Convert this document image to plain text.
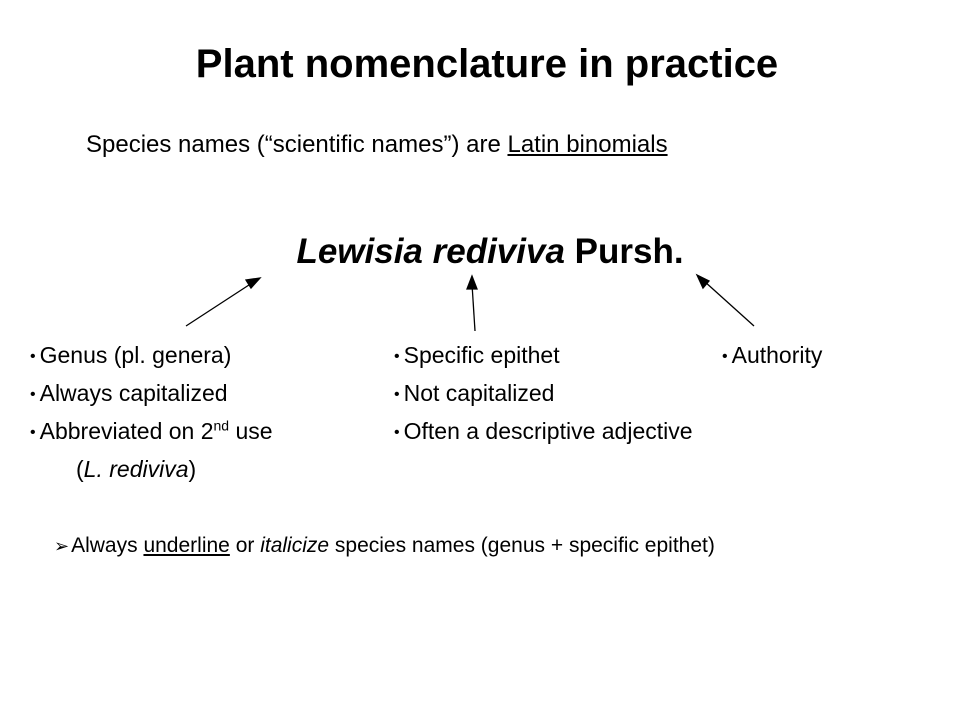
Plant nomenclature in practice
Species names (“scientific names”) are Latin binomials
Lewisia rediviva Pursh.
• Genus (pl. genera)
• Always capitalized
• Abbreviated on 2nd use
(L. rediviva)
• Specific epithet
• Not capitalized
• Often a descriptive adjective
• Authority
➢Always underline or italicize species names (genus + specific epithet)
